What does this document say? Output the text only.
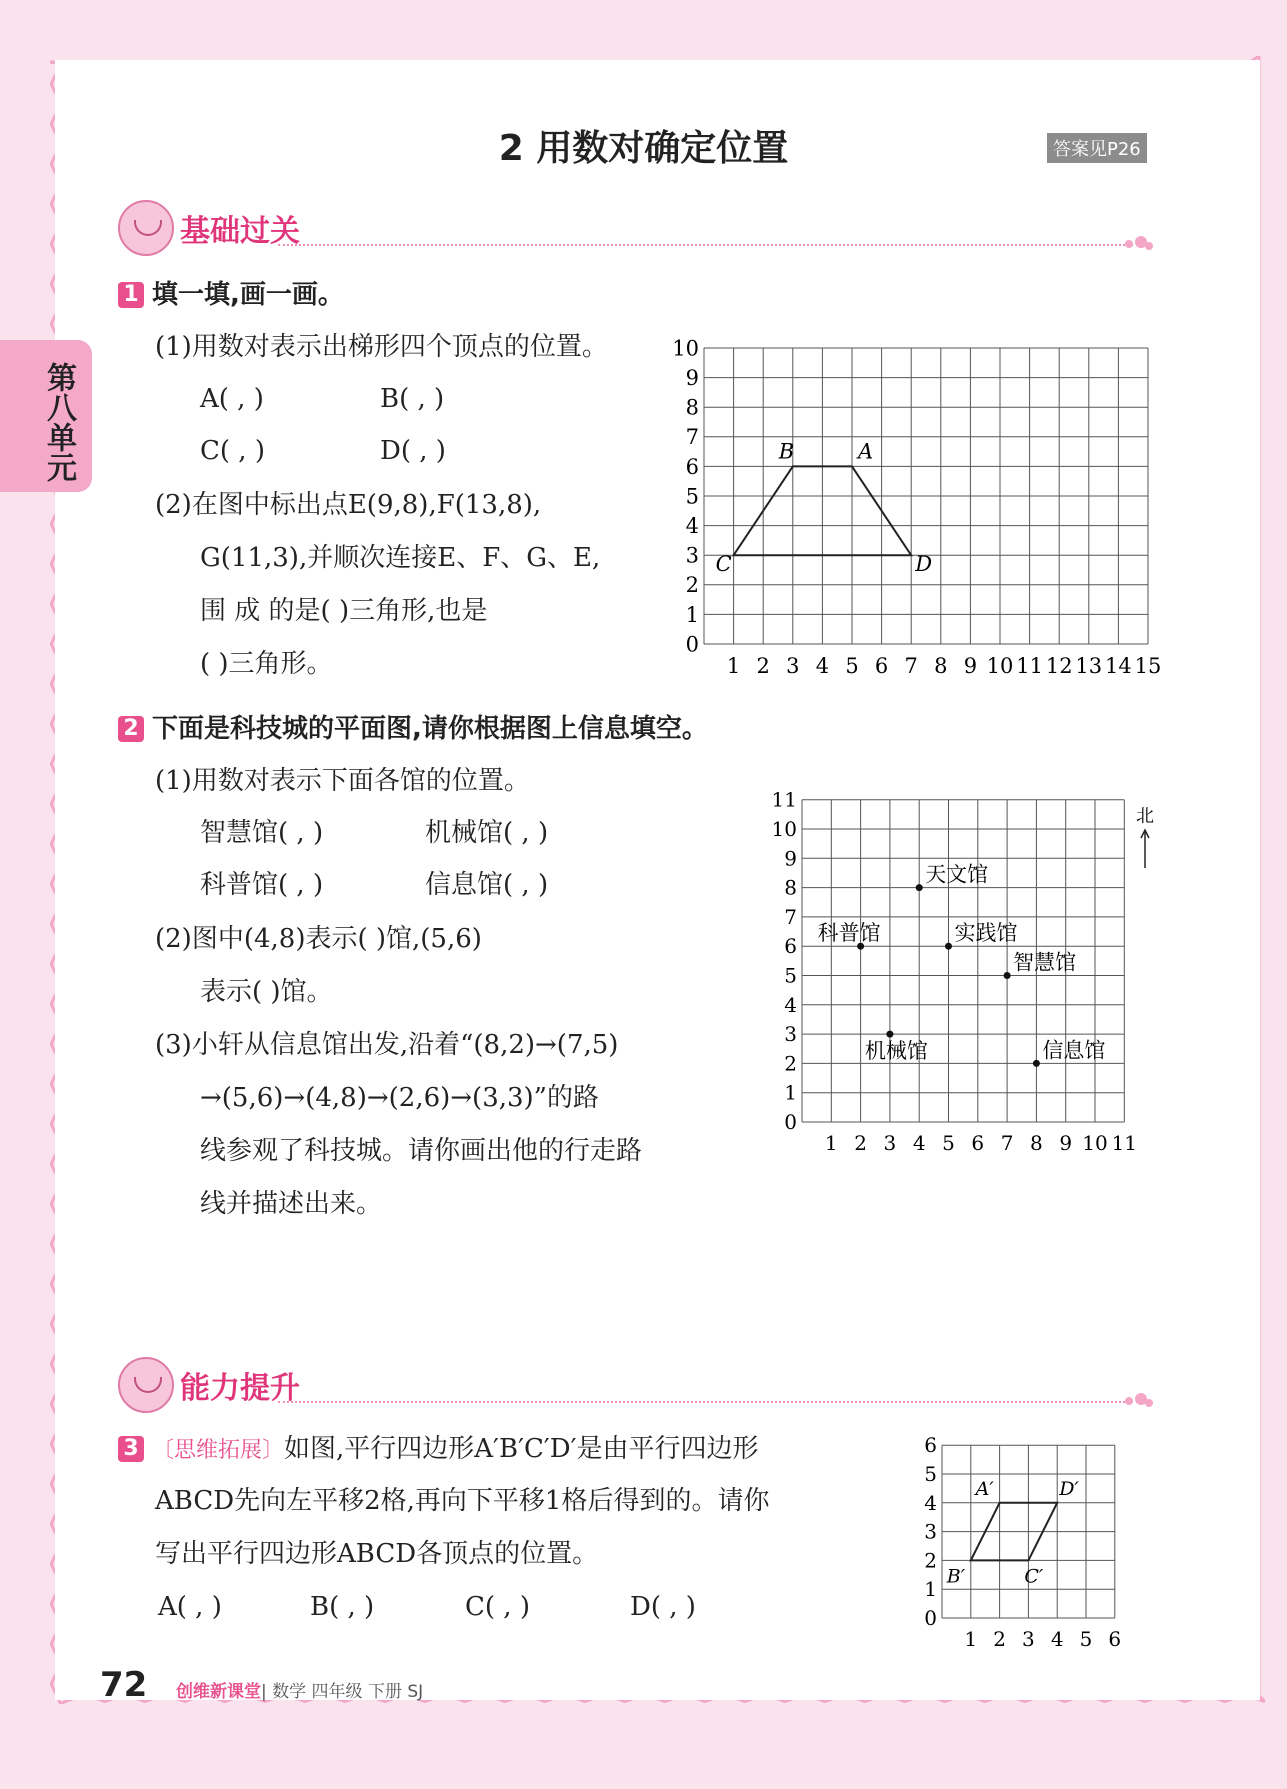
第八单元
2 用数对确定位置	答案见P26
基础过关
1 填一填,画一画。
(1)用数对表示出梯形四个顶点的位置。
A( , )	B( , )
C( , )	D( , )
(2)在图中标出点E(9,8),F(13,8),
G(11,3),并顺次连接E、F、G、E,
围 成 的是( )三角形,也是
( )三角形。	1 2 3 4 5 6 7 8 9 10 11 12 13 14 15
0
1
2
3
4
5
6
7
8
9
10
B	A
C	D
2 下面是科技城的平面图,请你根据图上信息填空。
(1)用数对表示下面各馆的位置。
智慧馆( , )	机械馆( , )
科普馆( , )	信息馆( , )
(2)图中(4,8)表示( )馆,(5,6)
表示( )馆。
(3)小轩从信息馆出发,沿着“(8,2)→(7,5)
→(5,6)→(4,8)→(2,6)→(3,3)”的路
线参观了科技城。请你画出他的行走路
线并描述出来。
1 2 3 4 5 6 7 8 9 10 11
0
1
2
3
4
5
6
7
8
9
10
11
天文馆
科普馆	实践馆
智慧馆
机械馆	信息馆
北
能力提升
3 〔思维拓展〕如图,平行四边形A′B′C′D′是由平行四边形
ABCD先向左平移2格,再向下平移1格后得到的。请你
写出平行四边形ABCD各顶点的位置。
A( , )	B( , )	C( , )	D( , )
1 2 3 4 5 6
0
1
2
3
4
5
6
A′	D′
C′
B′
72 创维新课堂| 数学 四年级 下册 SJ
